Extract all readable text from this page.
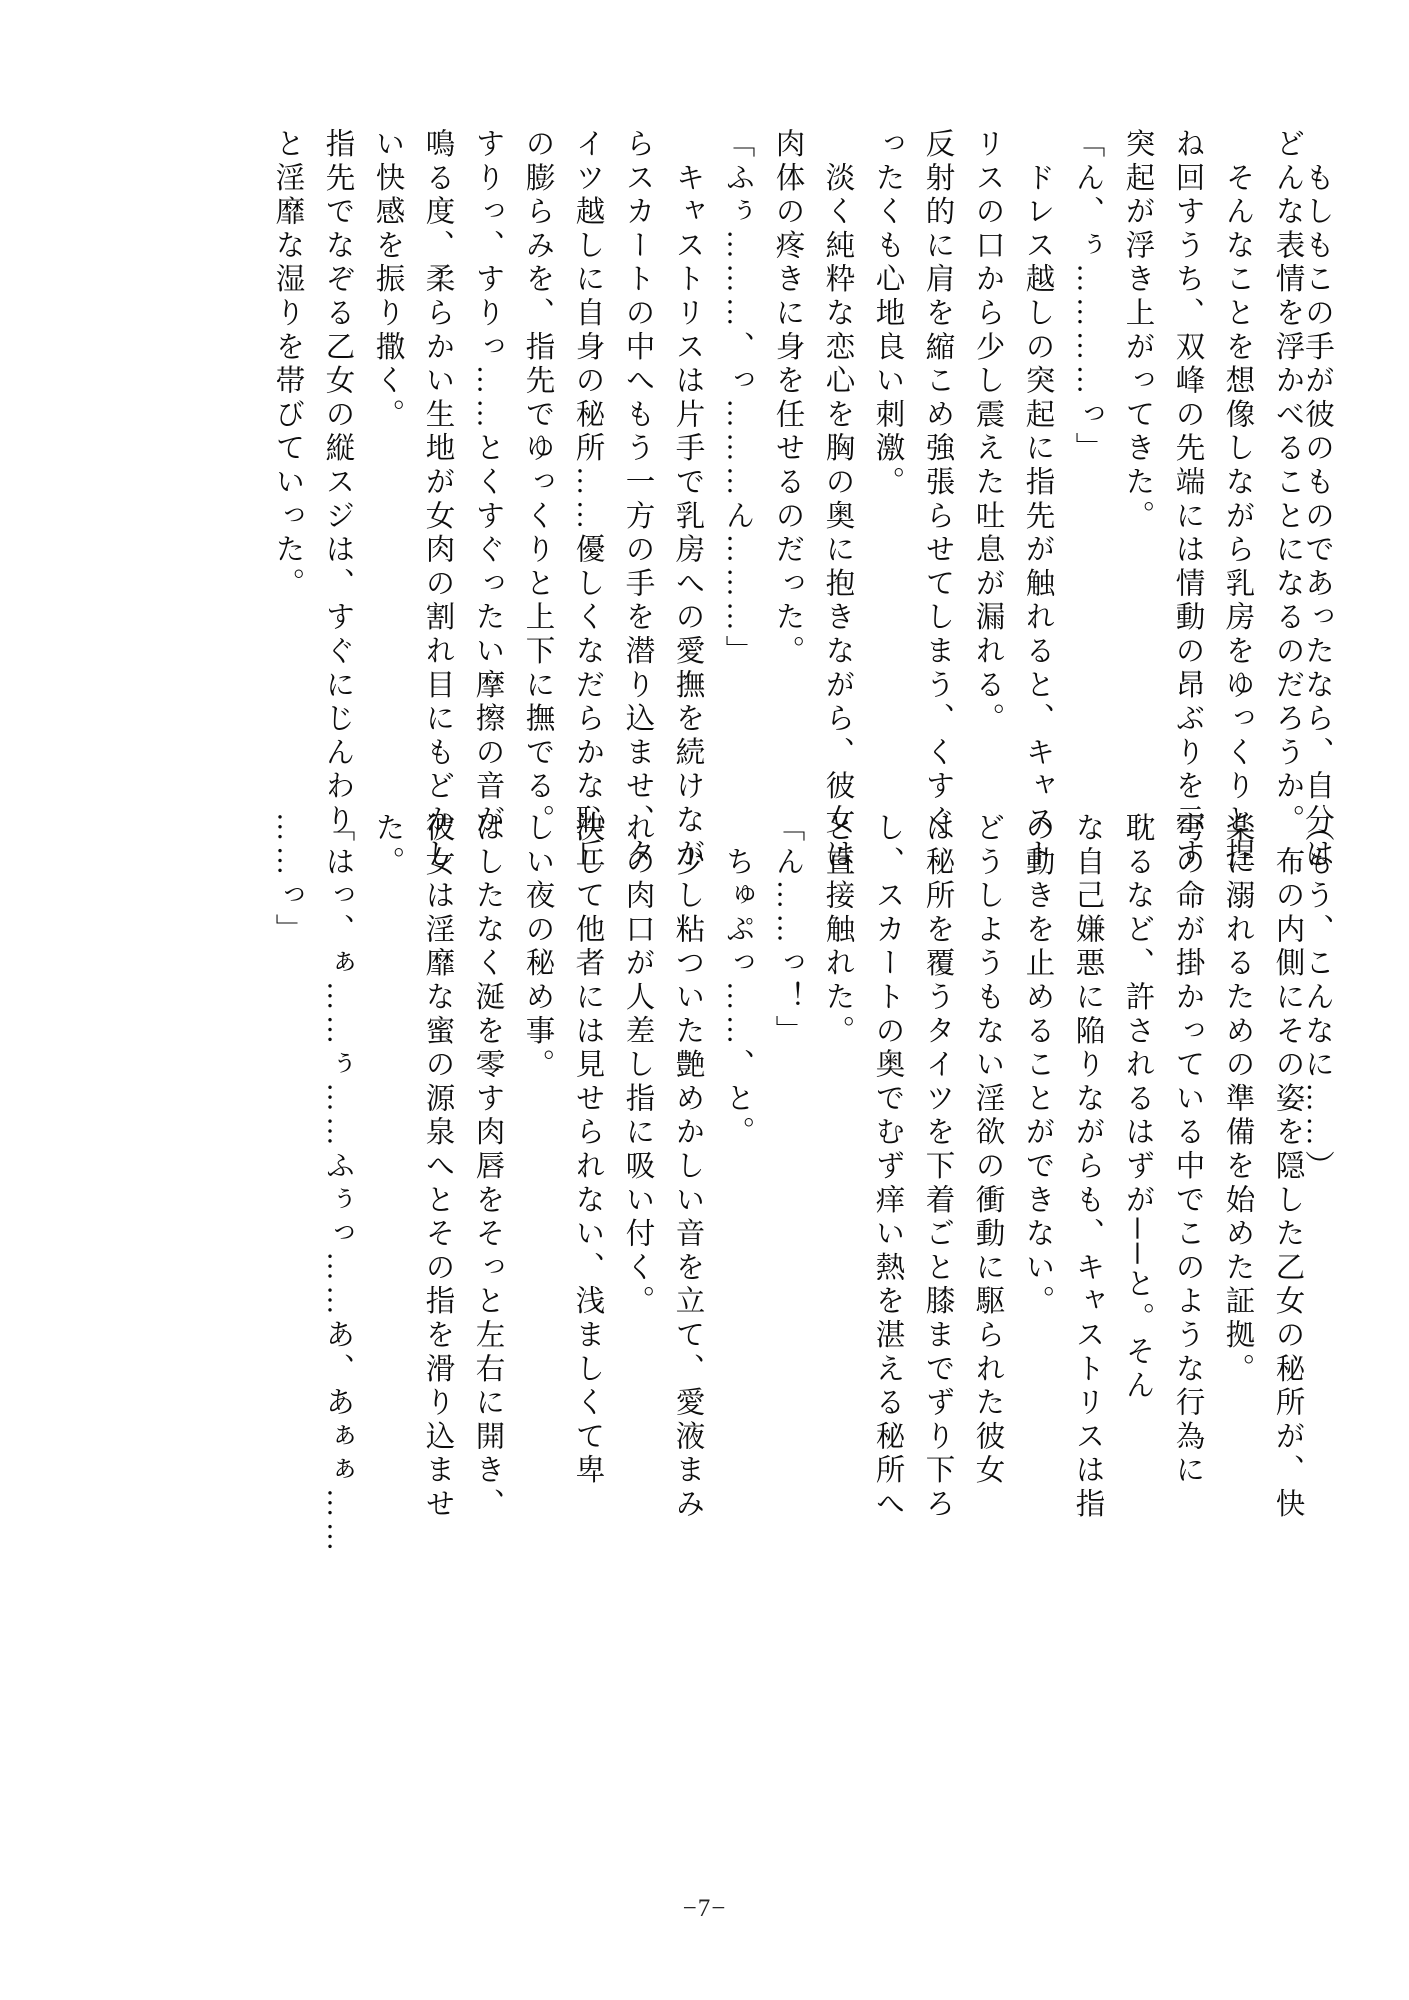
　もしもこの手が彼のものであったなら、自分は
どんな表情を浮かべることになるのだろうか。
　そんなことを想像しながら乳房をゆっくりと捏
ね回すうち、双峰の先端には情動の昂ぶりを示す
突起が浮き上がってきた。
「ん、ぅ…………っ」
　ドレス越しの突起に指先が触れると、キャスト
リスの口から少し震えた吐息が漏れる。
反射的に肩を縮こめ強張らせてしまう、くすぐ
ったくも心地良い刺激。
　淡く純粋な恋心を胸の奥に抱きながら、彼女は
肉体の疼きに身を任せるのだった。
「ふぅ………、っ………ん………」
　キャストリスは片手で乳房への愛撫を続けなが
らスカートの中へもう一方の手を潜り込ませ、タ
イツ越しに自身の秘所……優しくなだらかな恥丘
の膨らみを、指先でゆっくりと上下に撫でる。
すりっ、すりっ……とくすぐったい摩擦の音が
鳴る度、柔らかい生地が女肉の割れ目にもどかし
い快感を振り撒く。
指先でなぞる乙女の縦スジは、すぐにじんわり
と淫靡な湿りを帯びていった。
（もう、こんなに……）
　布の内側にその姿を隠した乙女の秘所が、快
楽に溺れるための準備を始めた証拠。
穹の命が掛かっている中でこのような行為に
耽るなど、許されるはずが──と。そん
な自己嫌悪に陥りながらも、キャストリスは指
の動きを止めることができない。
どうしようもない淫欲の衝動に駆られた彼女
は秘所を覆うタイツを下着ごと膝までずり下ろ
し、スカートの奥でむず痒い熱を湛える秘所へ
と直接触れた。
「ん……っ！」
　ちゅぷっ……、と。
　少し粘ついた艶めかしい音を立て、愛液まみ
れの肉口が人差し指に吸い付く。
決して他者には見せられない、浅ましくて卑
しい夜の秘め事。
はしたなく涎を零す肉唇をそっと左右に開き、
彼女は淫靡な蜜の源泉へとその指を滑り込ませ
た。
「はっ、ぁ……ぅ……ふぅっ……あ、あぁぁ……
……っ」
−7−
